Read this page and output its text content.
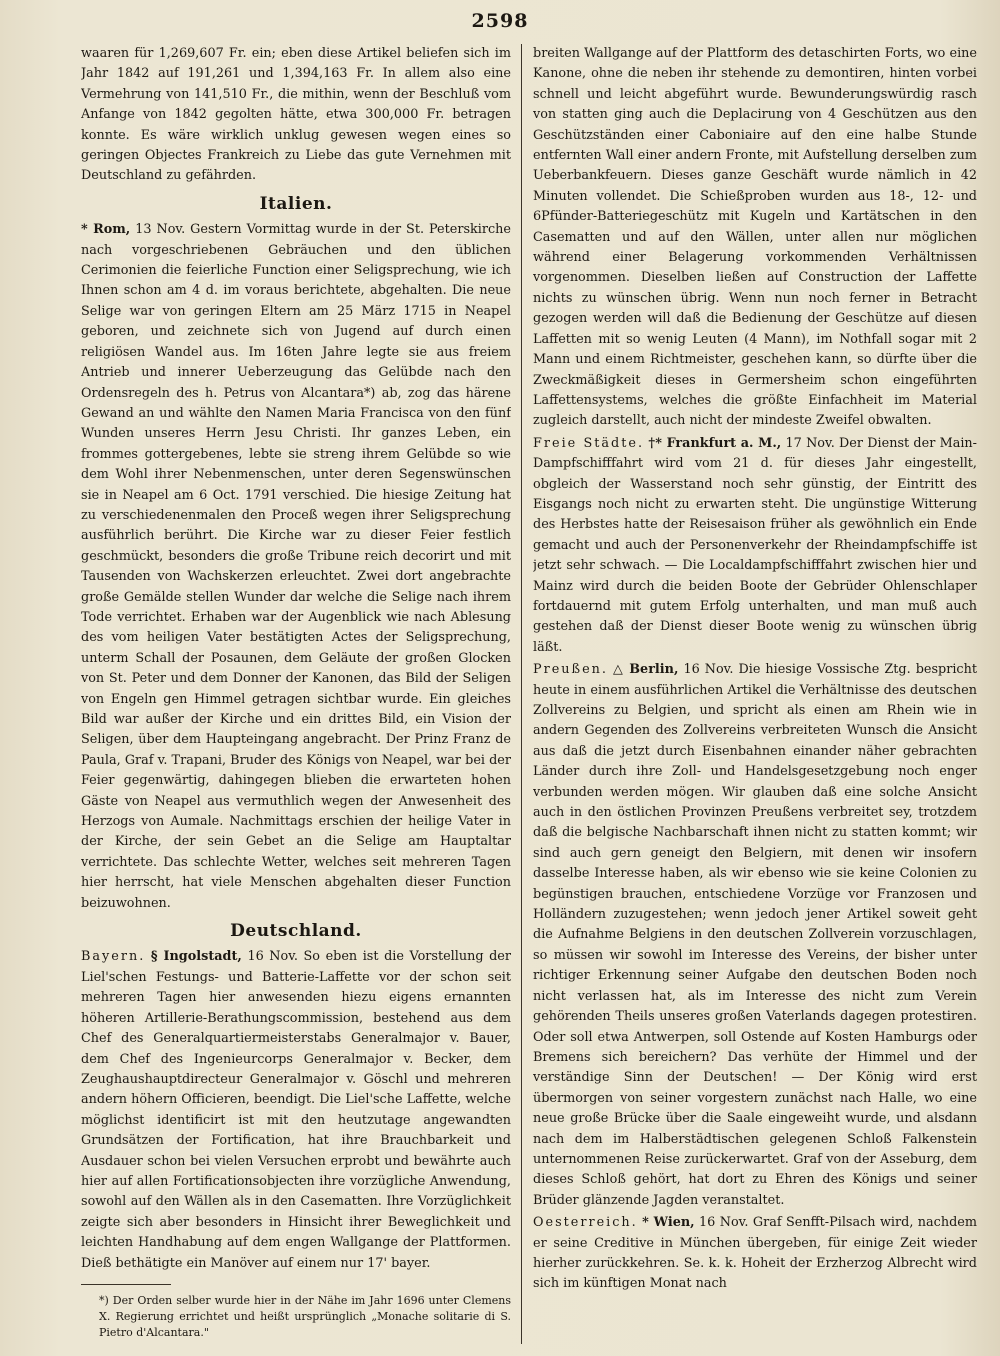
2598

waaren für 1,269,607 Fr. ein; eben diese Artikel beliefen sich im Jahr 1842 auf 191,261 und 1,394,163 Fr. In allem also eine Vermehrung von 141,510 Fr., die mithin, wenn der Beschluß vom Anfange von 1842 gegolten hätte, etwa 300,000 Fr. betragen konnte. Es wäre wirklich unklug gewesen wegen eines so geringen Objectes Frankreich zu Liebe das gute Vernehmen mit Deutschland zu gefährden.

Italien.

* Rom, 13 Nov. Gestern Vormittag wurde in der St. Peterskirche nach vorgeschriebenen Gebräuchen und den üblichen Cerimonien die feierliche Function einer Seligsprechung, wie ich Ihnen schon am 4 d. im voraus berichtete, abgehalten. Die neue Selige war von geringen Eltern am 25 März 1715 in Neapel geboren, und zeichnete sich von Jugend auf durch einen religiösen Wandel aus. Im 16ten Jahre legte sie aus freiem Antrieb und innerer Ueberzeugung das Gelübde nach den Ordensregeln des h. Petrus von Alcantara*) ab, zog das härene Gewand an und wählte den Namen Maria Francisca von den fünf Wunden unseres Herrn Jesu Christi. Ihr ganzes Leben, ein frommes gottergebenes, lebte sie streng ihrem Gelübde so wie dem Wohl ihrer Nebenmenschen, unter deren Segenswünschen sie in Neapel am 6 Oct. 1791 verschied. Die hiesige Zeitung hat zu verschiedenenmalen den Proceß wegen ihrer Seligsprechung ausführlich berührt. Die Kirche war zu dieser Feier festlich geschmückt, besonders die große Tribune reich decorirt und mit Tausenden von Wachskerzen erleuchtet. Zwei dort angebrachte große Gemälde stellen Wunder dar welche die Selige nach ihrem Tode verrichtet. Erhaben war der Augenblick wie nach Ablesung des vom heiligen Vater bestätigten Actes der Seligsprechung, unterm Schall der Posaunen, dem Geläute der großen Glocken von St. Peter und dem Donner der Kanonen, das Bild der Seligen von Engeln gen Himmel getragen sichtbar wurde. Ein gleiches Bild war außer der Kirche und ein drittes Bild, ein Vision der Seligen, über dem Haupteingang angebracht. Der Prinz Franz de Paula, Graf v. Trapani, Bruder des Königs von Neapel, war bei der Feier gegenwärtig, dahingegen blieben die erwarteten hohen Gäste von Neapel aus vermuthlich wegen der Anwesenheit des Herzogs von Aumale. Nachmittags erschien der heilige Vater in der Kirche, der sein Gebet an die Selige am Hauptaltar verrichtete. Das schlechte Wetter, welches seit mehreren Tagen hier herrscht, hat viele Menschen abgehalten dieser Function beizuwohnen.

Deutschland.

Bayern. § Ingolstadt, 16 Nov. So eben ist die Vorstellung der Liel'schen Festungs- und Batterie-Laffette vor der schon seit mehreren Tagen hier anwesenden hiezu eigens ernannten höheren Artillerie-Berathungscommission, bestehend aus dem Chef des Generalquartiermeisterstabs Generalmajor v. Bauer, dem Chef des Ingenieurcorps Generalmajor v. Becker, dem Zeughaushauptdirecteur Generalmajor v. Göschl und mehreren andern höhern Officieren, beendigt. Die Liel'sche Laffette, welche möglichst identificirt ist mit den heutzutage angewandten Grundsätzen der Fortification, hat ihre Brauchbarkeit und Ausdauer schon bei vielen Versuchen erprobt und bewährte auch hier auf allen Fortificationsobjecten ihre vorzügliche Anwendung, sowohl auf den Wällen als in den Casematten. Ihre Vorzüglichkeit zeigte sich aber besonders in Hinsicht ihrer Beweglichkeit und leichten Handhabung auf dem engen Wallgange der Plattformen. Dieß bethätigte ein Manöver auf einem nur 17' bayer.

*) Der Orden selber wurde hier in der Nähe im Jahr 1696 unter Clemens X. Regierung errichtet und heißt ursprünglich „Monache solitarie di S. Pietro d'Alcantara."

breiten Wallgange auf der Plattform des detaschirten Forts, wo eine Kanone, ohne die neben ihr stehende zu demontiren, hinten vorbei schnell und leicht abgeführt wurde. Bewunderungswürdig rasch von statten ging auch die Deplacirung von 4 Geschützen aus den Geschützständen einer Caboniaire auf den eine halbe Stunde entfernten Wall einer andern Fronte, mit Aufstellung derselben zum Ueberbankfeuern. Dieses ganze Geschäft wurde nämlich in 42 Minuten vollendet. Die Schießproben wurden aus 18-, 12- und 6Pfünder-Batteriegeschütz mit Kugeln und Kartätschen in den Casematten und auf den Wällen, unter allen nur möglichen während einer Belagerung vorkommenden Verhältnissen vorgenommen. Dieselben ließen auf Construction der Laffette nichts zu wünschen übrig. Wenn nun noch ferner in Betracht gezogen werden will daß die Bedienung der Geschütze auf diesen Laffetten mit so wenig Leuten (4 Mann), im Nothfall sogar mit 2 Mann und einem Richtmeister, geschehen kann, so dürfte über die Zweckmäßigkeit dieses in Germersheim schon eingeführten Laffettensystems, welches die größte Einfachheit im Material zugleich darstellt, auch nicht der mindeste Zweifel obwalten.

Freie Städte. †* Frankfurt a. M., 17 Nov. Der Dienst der Main-Dampfschifffahrt wird vom 21 d. für dieses Jahr eingestellt, obgleich der Wasserstand noch sehr günstig, der Eintritt des Eisgangs noch nicht zu erwarten steht. Die ungünstige Witterung des Herbstes hatte der Reisesaison früher als gewöhnlich ein Ende gemacht und auch der Personenverkehr der Rheindampfschiffe ist jetzt sehr schwach. — Die Localdampfschifffahrt zwischen hier und Mainz wird durch die beiden Boote der Gebrüder Ohlenschlaper fortdauernd mit gutem Erfolg unterhalten, und man muß auch gestehen daß der Dienst dieser Boote wenig zu wünschen übrig läßt.

Preußen. △ Berlin, 16 Nov. Die hiesige Vossische Ztg. bespricht heute in einem ausführlichen Artikel die Verhältnisse des deutschen Zollvereins zu Belgien, und spricht als einen am Rhein wie in andern Gegenden des Zollvereins verbreiteten Wunsch die Ansicht aus daß die jetzt durch Eisenbahnen einander näher gebrachten Länder durch ihre Zoll- und Handelsgesetzgebung noch enger verbunden werden mögen. Wir glauben daß eine solche Ansicht auch in den östlichen Provinzen Preußens verbreitet sey, trotzdem daß die belgische Nachbarschaft ihnen nicht zu statten kommt; wir sind auch gern geneigt den Belgiern, mit denen wir insofern dasselbe Interesse haben, als wir ebenso wie sie keine Colonien zu begünstigen brauchen, entschiedene Vorzüge vor Franzosen und Holländern zuzugestehen; wenn jedoch jener Artikel soweit geht die Aufnahme Belgiens in den deutschen Zollverein vorzuschlagen, so müssen wir sowohl im Interesse des Vereins, der bisher unter richtiger Erkennung seiner Aufgabe den deutschen Boden noch nicht verlassen hat, als im Interesse des nicht zum Verein gehörenden Theils unseres großen Vaterlands dagegen protestiren. Oder soll etwa Antwerpen, soll Ostende auf Kosten Hamburgs oder Bremens sich bereichern? Das verhüte der Himmel und der verständige Sinn der Deutschen! — Der König wird erst übermorgen von seiner vorgestern zunächst nach Halle, wo eine neue große Brücke über die Saale eingeweiht wurde, und alsdann nach dem im Halberstädtischen gelegenen Schloß Falkenstein unternommenen Reise zurückerwartet. Graf von der Asseburg, dem dieses Schloß gehört, hat dort zu Ehren des Königs und seiner Brüder glänzende Jagden veranstaltet.

Oesterreich. * Wien, 16 Nov. Graf Senfft-Pilsach wird, nachdem er seine Creditive in München übergeben, für einige Zeit wieder hierher zurückkehren. Se. k. k. Hoheit der Erzherzog Albrecht wird sich im künftigen Monat nach
